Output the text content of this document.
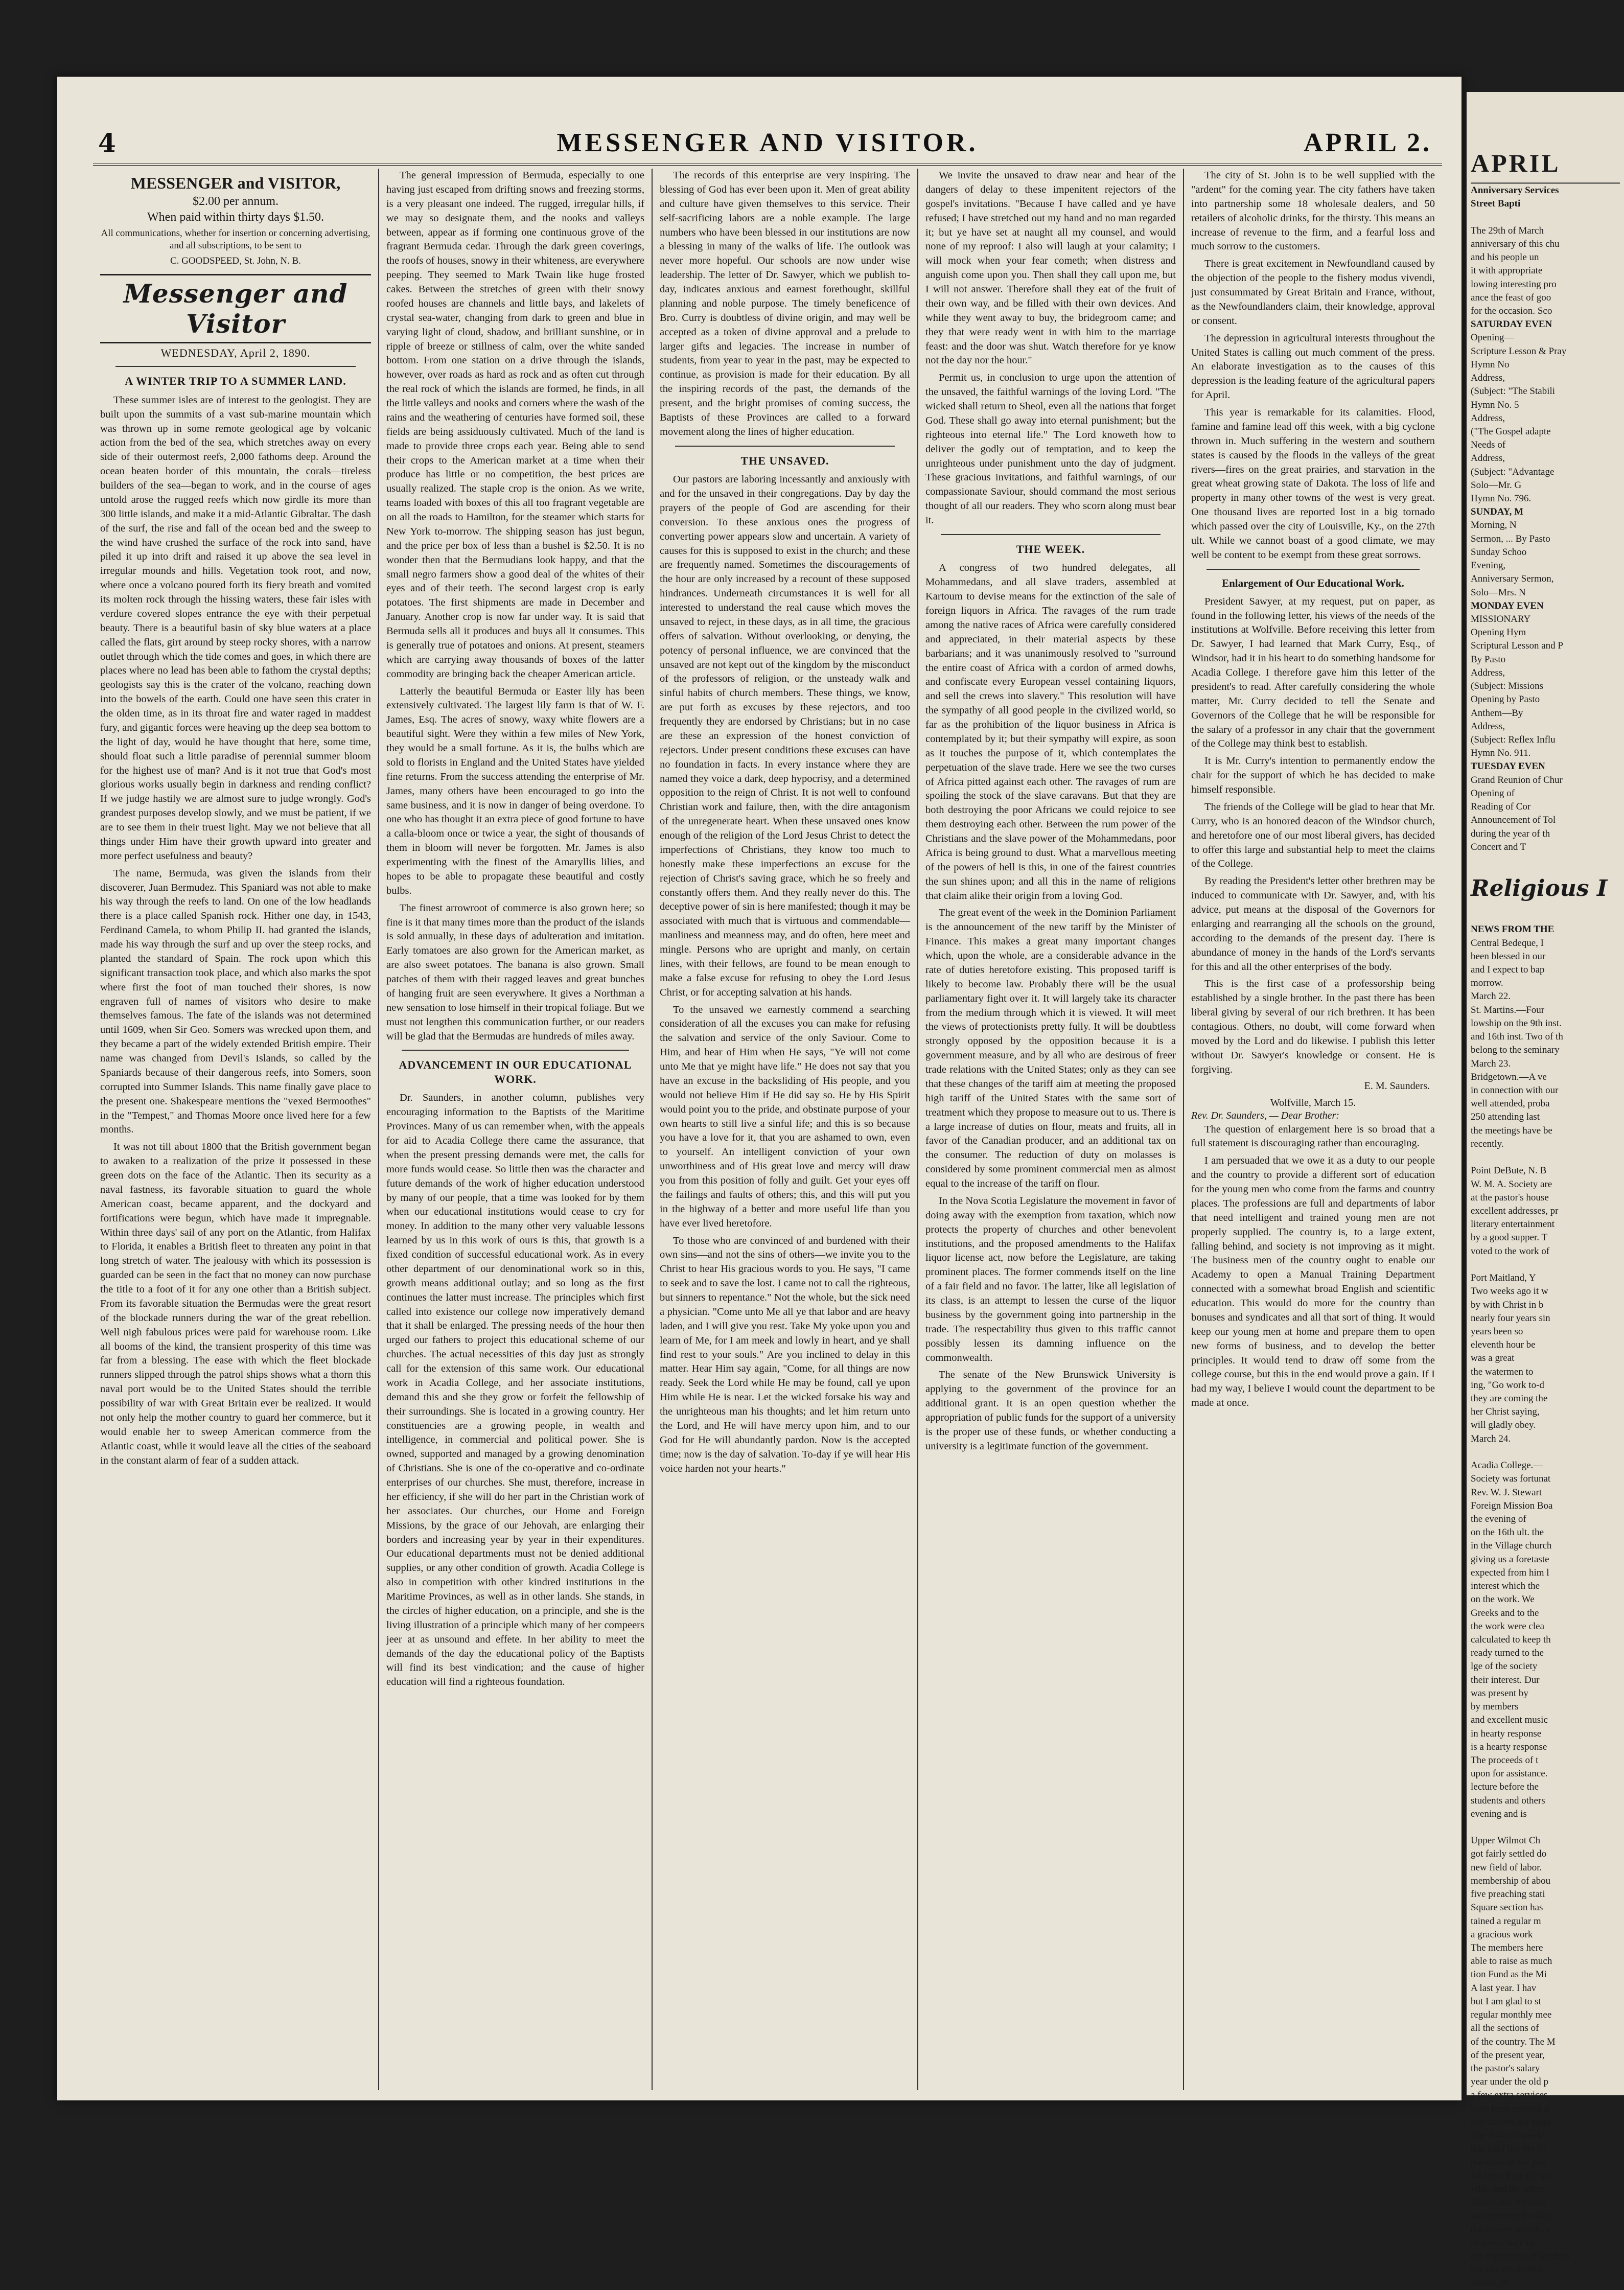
4	MESSENGER AND VISITOR.	APRIL 2.
MESSENGER and VISITOR,
$2.00 per annum.
When paid within thirty days $1.50.
All communications, whether for insertion or concerning advertising, and all subscriptions, to be sent to
C. GOODSPEED, St. John, N. B.
Messenger and Visitor
WEDNESDAY, April 2, 1890.
A WINTER TRIP TO A SUMMER LAND.

These summer isles are of interest to the geologist. They are built upon the summits of a vast sub-marine mountain which was thrown up in some remote geological age by volcanic action from the bed of the sea, which stretches away on every side of their outermost reefs, 2,000 fathoms deep. Around the ocean beaten border of this mountain, the corals—tireless builders of the sea—began to work, and in the course of ages untold arose the rugged reefs which now girdle its more than 300 little islands, and make it a mid-Atlantic Gibraltar. The dash of the surf, the rise and fall of the ocean bed and the sweep to the wind have crushed the surface of the rock into sand, have piled it up into drift and raised it up above the sea level in irregular mounds and hills. Vegetation took root, and now, where once a volcano poured forth its fiery breath and vomited its molten rock through the hissing waters, these fair isles with verdure covered slopes entrance the eye with their perpetual beauty. There is a beautiful basin of sky blue waters at a place called the flats, girt around by steep rocky shores, with a narrow outlet through which the tide comes and goes, in which there are places where no lead has been able to fathom the crystal depths; geologists say this is the crater of the volcano, reaching down into the bowels of the earth. Could one have seen this crater in the olden time, as in its throat fire and water raged in maddest fury, and gigantic forces were heaving up the deep sea bottom to the light of day, would he have thought that here, some time, should float such a little paradise of perennial summer bloom for the highest use of man? And is it not true that God's most glorious works usually begin in darkness and rending conflict? If we judge hastily we are almost sure to judge wrongly. God's grandest purposes develop slowly, and we must be patient, if we are to see them in their truest light. May we not believe that all things under Him have their growth upward into greater and more perfect usefulness and beauty?

The name, Bermuda, was given the islands from their discoverer, Juan Bermudez. This Spaniard was not able to make his way through the reefs to land. On one of the low headlands there is a place called Spanish rock. Hither one day, in 1543, Ferdinand Camela, to whom Philip II. had granted the islands, made his way through the surf and up over the steep rocks, and planted the standard of Spain. The rock upon which this significant transaction took place, and which also marks the spot where first the foot of man touched their shores, is now engraven full of names of visitors who desire to make themselves famous. The fate of the islands was not determined until 1609, when Sir Geo. Somers was wrecked upon them, and they became a part of the widely extended British empire. Their name was changed from Devil's Islands, so called by the Spaniards because of their dangerous reefs, into Somers, soon corrupted into Summer Islands. This name finally gave place to the present one. Shakespeare mentions the "vexed Bermoothes" in the "Tempest," and Thomas Moore once lived here for a few months.

It was not till about 1800 that the British government began to awaken to a realization of the prize it possessed in these green dots on the face of the Atlantic. Then its security as a naval fastness, its favorable situation to guard the whole American coast, became apparent, and the dockyard and fortifications were begun, which have made it impregnable. Within three days' sail of any port on the Atlantic, from Halifax to Florida, it enables a British fleet to threaten any point in that long stretch of water. The jealousy with which its possession is guarded can be seen in the fact that no money can now purchase the title to a foot of it for any one other than a British subject. From its favorable situation the Bermudas were the great resort of the blockade runners during the war of the great rebellion. Well nigh fabulous prices were paid for warehouse room. Like all booms of the kind, the transient prosperity of this time was far from a blessing. The ease with which the fleet blockade runners slipped through the patrol ships shows what a thorn this naval port would be to the United States should the terrible possibility of war with Great Britain ever be realized. It would not only help the mother country to guard her commerce, but it would enable her to sweep American commerce from the Atlantic coast, while it would leave all the cities of the seaboard in the constant alarm of fear of a sudden attack.

The general impression of Bermuda, especially to one having just escaped from drifting snows and freezing storms, is a very pleasant one indeed. The rugged, irregular hills, if we may so designate them, and the nooks and valleys between, appear as if forming one continuous grove of the fragrant Bermuda cedar. Through the dark green coverings, the roofs of houses, snowy in their whiteness, are everywhere peeping. They seemed to Mark Twain like huge frosted cakes. Between the stretches of green with their snowy roofed houses are channels and little bays, and lakelets of crystal sea-water, changing from dark to green and blue in varying light of cloud, shadow, and brilliant sunshine, or in ripple of breeze or stillness of calm, over the white sanded bottom. From one station on a drive through the islands, however, over roads as hard as rock and as often cut through the real rock of which the islands are formed, he finds, in all the little valleys and nooks and corners where the wash of the rains and the weathering of centuries have formed soil, these fields are being assiduously cultivated. Much of the land is made to provide three crops each year. Being able to send their crops to the American market at a time when their produce has little or no competition, the best prices are usually realized. The staple crop is the onion. As we write, teams loaded with boxes of this all too fragrant vegetable are on all the roads to Hamilton, for the steamer which starts for New York to-morrow. The shipping season has just begun, and the price per box of less than a bushel is $2.50. It is no wonder then that the Bermudians look happy, and that the small negro farmers show a good deal of the whites of their eyes and of their teeth. The second largest crop is early potatoes. The first shipments are made in December and January. Another crop is now far under way. It is said that Bermuda sells all it produces and buys all it consumes. This is generally true of potatoes and onions. At present, steamers which are carrying away thousands of boxes of the latter commodity are bringing back the cheaper American article.

Latterly the beautiful Bermuda or Easter lily has been extensively cultivated. The largest lily farm is that of W. F. James, Esq. The acres of snowy, waxy white flowers are a beautiful sight. Were they within a few miles of New York, they would be a small fortune. As it is, the bulbs which are sold to florists in England and the United States have yielded fine returns. From the success attending the enterprise of Mr. James, many others have been encouraged to go into the same business, and it is now in danger of being overdone. To one who has thought it an extra piece of good fortune to have a calla-bloom once or twice a year, the sight of thousands of them in bloom will never be forgotten. Mr. James is also experimenting with the finest of the Amaryllis lilies, and hopes to be able to propagate these beautiful and costly bulbs.

The finest arrowroot of commerce is also grown here; so fine is it that many times more than the product of the islands is sold annually, in these days of adulteration and imitation. Early tomatoes are also grown for the American market, as are also sweet potatoes. The banana is also grown. Small patches of them with their ragged leaves and great bunches of hanging fruit are seen everywhere. It gives a Northman a new sensation to lose himself in their tropical foliage. But we must not lengthen this communication further, or our readers will be glad that the Bermudas are hundreds of miles away.

ADVANCEMENT IN OUR EDUCATIONAL WORK.

Dr. Saunders, in another column, publishes very encouraging information to the Baptists of the Maritime Provinces. Many of us can remember when, with the appeals for aid to Acadia College there came the assurance, that when the present pressing demands were met, the calls for more funds would cease. So little then was the character and future demands of the work of higher education understood by many of our people, that a time was looked for by them when our educational institutions would cease to cry for money. In addition to the many other very valuable lessons learned by us in this work of ours is this, that growth is a fixed condition of successful educational work. As in every other department of our denominational work so in this, growth means additional outlay; and so long as the first continues the latter must increase. The principles which first called into existence our college now imperatively demand that it shall be enlarged. The pressing needs of the hour then urged our fathers to project this educational scheme of our churches. The actual necessities of this day just as strongly call for the extension of this same work. Our educational work in Acadia College, and her associate institutions, demand this and she they grow or forfeit the fellowship of their surroundings. She is located in a growing country. Her constituencies are a growing people, in wealth and intelligence, in commercial and political power. She is owned, supported and managed by a growing denomination of Christians. She is one of the co-operative and co-ordinate enterprises of our churches. She must, therefore, increase in her efficiency, if she will do her part in the Christian work of her associates. Our churches, our Home and Foreign Missions, by the grace of our Jehovah, are enlarging their borders and increasing year by year in their expenditures. Our educational departments must not be denied additional supplies, or any other condition of growth. Acadia College is also in competition with other kindred institutions in the Maritime Provinces, as well as in other lands. She stands, in the circles of higher education, on a principle, and she is the living illustration of a principle which many of her compeers jeer at as unsound and effete. In her ability to meet the demands of the day the educational policy of the Baptists will find its best vindication; and the cause of higher education will find a righteous foundation.

The records of this enterprise are very inspiring. The blessing of God has ever been upon it. Men of great ability and culture have given themselves to this service. Their self-sacrificing labors are a noble example. The large numbers who have been blessed in our institutions are now a blessing in many of the walks of life. The outlook was never more hopeful. Our schools are now under wise leadership. The letter of Dr. Sawyer, which we publish to-day, indicates anxious and earnest forethought, skillful planning and noble purpose. The timely beneficence of Bro. Curry is doubtless of divine origin, and may well be accepted as a token of divine approval and a prelude to larger gifts and legacies. The increase in number of students, from year to year in the past, may be expected to continue, as provision is made for their education. By all the inspiring records of the past, the demands of the present, and the bright promises of coming success, the Baptists of these Provinces are called to a forward movement along the lines of higher education.

THE UNSAVED.

Our pastors are laboring incessantly and anxiously with and for the unsaved in their congregations. Day by day the prayers of the people of God are ascending for their conversion. To these anxious ones the progress of converting power appears slow and uncertain. A variety of causes for this is supposed to exist in the church; and these are frequently named. Sometimes the discouragements of the hour are only increased by a recount of these supposed hindrances. Underneath circumstances it is well for all interested to understand the real cause which moves the unsaved to reject, in these days, as in all time, the gracious offers of salvation. Without overlooking, or denying, the potency of personal influence, we are convinced that the unsaved are not kept out of the kingdom by the misconduct of the professors of religion, or the unsteady walk and sinful habits of church members. These things, we know, are put forth as excuses by these rejectors, and too frequently they are endorsed by Christians; but in no case are these an expression of the honest conviction of rejectors. Under present conditions these excuses can have no foundation in facts. In every instance where they are named they voice a dark, deep hypocrisy, and a determined opposition to the reign of Christ. It is not well to confound Christian work and failure, then, with the dire antagonism of the unregenerate heart. When these unsaved ones know enough of the religion of the Lord Jesus Christ to detect the imperfections of Christians, they know too much to honestly make these imperfections an excuse for the rejection of Christ's saving grace, which he so freely and constantly offers them. And they really never do this. The deceptive power of sin is here manifested; though it may be associated with much that is virtuous and commendable—manliness and meanness may, and do often, here meet and mingle. Persons who are upright and manly, on certain lines, with their fellows, are found to be mean enough to make a false excuse for refusing to obey the Lord Jesus Christ, or for accepting salvation at his hands.

To the unsaved we earnestly commend a searching consideration of all the excuses you can make for refusing the salvation and service of the only Saviour. Come to Him, and hear of Him when He says, "Ye will not come unto Me that ye might have life." He does not say that you have an excuse in the backsliding of His people, and you would not believe Him if He did say so. He by His Spirit would point you to the pride, and obstinate purpose of your own hearts to still live a sinful life; and this is so because you have a love for it, that you are ashamed to own, even to yourself. An intelligent conviction of your own unworthiness and of His great love and mercy will draw you from this position of folly and guilt. Get your eyes off the failings and faults of others; this, and this will put you in the highway of a better and more useful life than you have ever lived heretofore.

To those who are convinced of and burdened with their own sins—and not the sins of others—we invite you to the Christ to hear His gracious words to you. He says, "I came to seek and to save the lost. I came not to call the righteous, but sinners to repentance." Not the whole, but the sick need a physician. "Come unto Me all ye that labor and are heavy laden, and I will give you rest. Take My yoke upon you and learn of Me, for I am meek and lowly in heart, and ye shall find rest to your souls." Are you inclined to delay in this matter. Hear Him say again, "Come, for all things are now ready. Seek the Lord while He may be found, call ye upon Him while He is near. Let the wicked forsake his way and the unrighteous man his thoughts; and let him return unto the Lord, and He will have mercy upon him, and to our God for He will abundantly pardon. Now is the accepted time; now is the day of salvation. To-day if ye will hear His voice harden not your hearts."

We invite the unsaved to draw near and hear of the dangers of delay to these impenitent rejectors of the gospel's invitations. "Because I have called and ye have refused; I have stretched out my hand and no man regarded it; but ye have set at naught all my counsel, and would none of my reproof: I also will laugh at your calamity; I will mock when your fear cometh; when distress and anguish come upon you. Then shall they call upon me, but I will not answer. Therefore shall they eat of the fruit of their own way, and be filled with their own devices. And while they went away to buy, the bridegroom came; and they that were ready went in with him to the marriage feast: and the door was shut. Watch therefore for ye know not the day nor the hour."

Permit us, in conclusion to urge upon the attention of the unsaved, the faithful warnings of the loving Lord. "The wicked shall return to Sheol, even all the nations that forget God. These shall go away into eternal punishment; but the righteous into eternal life." The Lord knoweth how to deliver the godly out of temptation, and to keep the unrighteous under punishment unto the day of judgment. These gracious invitations, and faithful warnings, of our compassionate Saviour, should command the most serious thought of all our readers. They who scorn along must bear it.

THE WEEK.

A congress of two hundred delegates, all Mohammedans, and all slave traders, assembled at Kartoum to devise means for the extinction of the sale of foreign liquors in Africa. The ravages of the rum trade among the native races of Africa were carefully considered and appreciated, in their material aspects by these barbarians; and it was unanimously resolved to "surround the entire coast of Africa with a cordon of armed dowhs, and confiscate every European vessel containing liquors, and sell the crews into slavery." This resolution will have the sympathy of all good people in the civilized world, so far as the prohibition of the liquor business in Africa is contemplated by it; but their sympathy will expire, as soon as it touches the purpose of it, which contemplates the perpetuation of the slave trade. Here we see the two curses of Africa pitted against each other. The ravages of rum are spoiling the stock of the slave caravans. But that they are both destroying the poor Africans we could rejoice to see them destroying each other. Between the rum power of the Christians and the slave power of the Mohammedans, poor Africa is being ground to dust. What a marvellous meeting of the powers of hell is this, in one of the fairest countries the sun shines upon; and all this in the name of religions that claim alike their origin from a loving God.

The great event of the week in the Dominion Parliament is the announcement of the new tariff by the Minister of Finance. This makes a great many important changes which, upon the whole, are a considerable advance in the rate of duties heretofore existing. This proposed tariff is likely to become law. Probably there will be the usual parliamentary fight over it. It will largely take its character from the medium through which it is viewed. It will meet the views of protectionists pretty fully. It will be doubtless strongly opposed by the opposition because it is a government measure, and by all who are desirous of freer trade relations with the United States; only as they can see that these changes of the tariff aim at meeting the proposed high tariff of the United States with the same sort of treatment which they propose to measure out to us. There is a large increase of duties on flour, meats and fruits, all in favor of the Canadian producer, and an additional tax on the consumer. The reduction of duty on molasses is considered by some prominent commercial men as almost equal to the increase of the tariff on flour.

In the Nova Scotia Legislature the movement in favor of doing away with the exemption from taxation, which now protects the property of churches and other benevolent institutions, and the proposed amendments to the Halifax liquor license act, now before the Legislature, are taking prominent places. The former commends itself on the line of a fair field and no favor. The latter, like all legislation of its class, is an attempt to lessen the curse of the liquor business by the government going into partnership in the trade. The respectability thus given to this traffic cannot possibly lessen its damning influence on the commonwealth.

The senate of the New Brunswick University is applying to the government of the province for an additional grant. It is an open question whether the appropriation of public funds for the support of a university is the proper use of these funds, or whether conducting a university is a legitimate function of the government.

The city of St. John is to be well supplied with the "ardent" for the coming year. The city fathers have taken into partnership some 18 wholesale dealers, and 50 retailers of alcoholic drinks, for the thirsty. This means an increase of revenue to the firm, and a fearful loss and much sorrow to the customers.

There is great excitement in Newfoundland caused by the objection of the people to the fishery modus vivendi, just consummated by Great Britain and France, without, as the Newfoundlanders claim, their knowledge, approval or consent.

The depression in agricultural interests throughout the United States is calling out much comment of the press. An elaborate investigation as to the causes of this depression is the leading feature of the agricultural papers for April.

This year is remarkable for its calamities. Flood, famine and famine lead off this week, with a big cyclone thrown in. Much suffering in the western and southern states is caused by the floods in the valleys of the great rivers—fires on the great prairies, and starvation in the great wheat growing state of Dakota. The loss of life and property in many other towns of the west is very great. One thousand lives are reported lost in a big tornado which passed over the city of Louisville, Ky., on the 27th ult. While we cannot boast of a good climate, we may well be content to be exempt from these great sorrows.

Enlargement of Our Educational Work.

President Sawyer, at my request, put on paper, as found in the following letter, his views of the needs of the institutions at Wolfville. Before receiving this letter from Dr. Sawyer, I had learned that Mark Curry, Esq., of Windsor, had it in his heart to do something handsome for Acadia College. I therefore gave him this letter of the president's to read. After carefully considering the whole matter, Mr. Curry decided to tell the Senate and Governors of the College that he will be responsible for the salary of a professor in any chair that the government of the College may think best to establish.

It is Mr. Curry's intention to permanently endow the chair for the support of which he has decided to make himself responsible.

The friends of the College will be glad to hear that Mr. Curry, who is an honored deacon of the Windsor church, and heretofore one of our most liberal givers, has decided to offer this large and substantial help to meet the claims of the College.

By reading the President's letter other brethren may be induced to communicate with Dr. Sawyer, and, with his advice, put means at the disposal of the Governors for enlarging and rearranging all the schools on the ground, according to the demands of the present day. There is abundance of money in the hands of the Lord's servants for this and all the other enterprises of the body.

This is the first case of a professorship being established by a single brother. In the past there has been liberal giving by several of our rich brethren. It has been contagious. Others, no doubt, will come forward when moved by the Lord and do likewise. I publish this letter without Dr. Sawyer's knowledge or consent. He is forgiving.

E. M. Saunders.
Wolfville, March 15.
Rev. Dr. Saunders, — Dear Brother:

The question of enlargement here is so broad that a full statement is discouraging rather than encouraging.

I am persuaded that we owe it as a duty to our people and the country to provide a different sort of education for the young men who come from the farms and country places. The professions are full and departments of labor that need intelligent and trained young men are not properly supplied. The country is, to a large extent, falling behind, and society is not improving as it might. The business men of the country ought to enable our Academy to open a Manual Training Department connected with a somewhat broad English and scientific education. This would do more for the country than bonuses and syndicates and all that sort of thing. It would keep our young men at home and prepare them to open new forms of business, and to develop the better principles. It would tend to draw off some from the college course, but this in the end would prove a gain. If I had my way, I believe I would count the department to be made at once.

APRIL
Anniversary Services
Street Bapti

The 29th of March
anniversary of this chu
and his people un
it with appropriate
lowing interesting pro
ance the feast of goo
for the occasion. Sco
SATURDAY EVEN
Opening—
Scripture Lesson & Pray
Hymn No
Address,
(Subject: "The Stabili
Hymn No. 5
Address,
("The Gospel adapte
Needs of
Address,
(Subject: "Advantage
Solo—Mr. G
Hymn No. 796.
SUNDAY, M
Morning, N
Sermon, ... By Pasto
Sunday Schoo
Evening,
Anniversary Sermon,
Solo—Mrs. N
MONDAY EVEN
MISSIONARY
Opening Hym
Scriptural Lesson and P
By Pasto
Address,
(Subject: Missions
Opening by Pasto
Anthem—By
Address,
(Subject: Reflex Influ
Hymn No. 911.
TUESDAY EVEN
Grand Reunion of Chur
Opening of
Reading of Cor
Announcement of Tol
during the year of th
Concert and T

Religious I

NEWS FROM THE
Central Bedeque, I
been blessed in our
and I expect to bap
morrow.
March 22.
St. Martins.—Four
lowship on the 9th inst.
and 16th inst. Two of th
belong to the seminary
March 23.
Bridgetown.—A ve
in connection with our
well attended, proba
250 attending last
the meetings have be
recently.

Point DeBute, N. B
W. M. A. Society are
at the pastor's house
excellent addresses, pr
literary entertainment
by a good supper. T
voted to the work of

Port Maitland, Y
Two weeks ago it w
by with Christ in b
nearly four years sin
years been so
eleventh hour be
was a great
the watermen to
ing, "Go work to-d
they are coming the
her Christ saying,
will gladly obey.
March 24.

Acadia College.—
Society was fortunat
Rev. W. J. Stewart
Foreign Mission Boa
the evening of
on the 16th ult. the
in the Village church
giving us a foretaste
expected from him l
interest which the
on the work. We
Greeks and to the
the work were clea
calculated to keep th
ready turned to the
lge of the society
their interest. Dur
was present by
by members
and excellent music
in hearty response
is a hearty response
The proceeds of t
upon for assistance.
lecture before the
students and others
evening and is

Upper Wilmot Ch
got fairly settled do
new field of labor.
membership of abou
five preaching stati
Square section has
tained a regular m
a gracious work
The members here
able to raise as much
tion Fund as the Mi
A last year. I hav
but I am glad to st
regular monthly mee
all the sections of
of the country. The M
of the present year,
the pastor's salary
year under the old p
a few extra services
have been revived ir
and sinners are enqu
The dark six weeks
this field has but lit
the souls of the peo
for love. Pray for us
ville, and the other
Albert and Victoria
was presented with a
the present month, a
of a very nice la
the expression of kindnes
our sincere thanks.
March 20.
